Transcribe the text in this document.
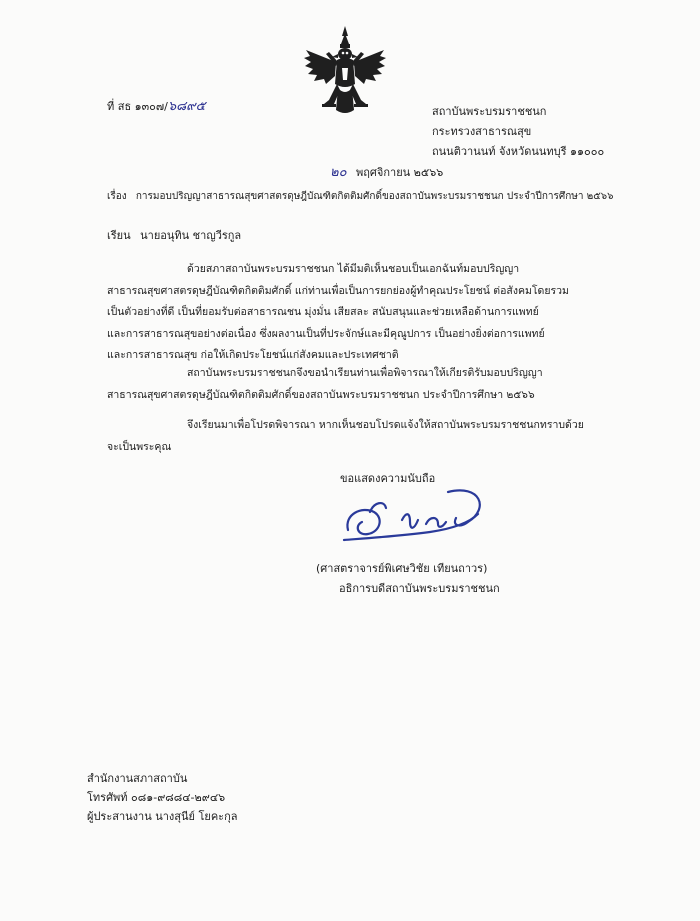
ที่ สธ ๑๓๐๗/๖๘๙๕	สถาบันพระบรมราชชนก
กระทรวงสาธารณสุข
ถนนติวานนท์ จังหวัดนนทบุรี ๑๑๐๐๐
๒๐ พฤศจิกายน ๒๕๖๖
เรื่อง การมอบปริญญาสาธารณสุขศาสตรดุษฎีบัณฑิตกิตติมศักดิ์ของสถาบันพระบรมราชชนก ประจำปีการศึกษา ๒๕๖๖
เรียน นายอนุทิน ชาญวีรกูล
ด้วยสภาสถาบันพระบรมราชชนก ได้มีมติเห็นชอบเป็นเอกฉันท์มอบปริญญา
สาธารณสุขศาสตรดุษฎีบัณฑิตกิตติมศักดิ์ แก่ท่านเพื่อเป็นการยกย่องผู้ทำคุณประโยชน์ ต่อสังคมโดยรวม
เป็นตัวอย่างที่ดี เป็นที่ยอมรับต่อสาธารณชน มุ่งมั่น เสียสละ สนับสนุนและช่วยเหลือด้านการแพทย์
และการสาธารณสุขอย่างต่อเนื่อง ซึ่งผลงานเป็นที่ประจักษ์และมีคุณูปการ เป็นอย่างยิ่งต่อการแพทย์
และการสาธารณสุข ก่อให้เกิดประโยชน์แก่สังคมและประเทศชาติ
สถาบันพระบรมราชชนกจึงขอนำเรียนท่านเพื่อพิจารณาให้เกียรติรับมอบปริญญา
สาธารณสุขศาสตรดุษฎีบัณฑิตกิตติมศักดิ์ของสถาบันพระบรมราชชนก ประจำปีการศึกษา ๒๕๖๖
จึงเรียนมาเพื่อโปรดพิจารณา หากเห็นชอบโปรดแจ้งให้สถาบันพระบรมราชชนกทราบด้วย
จะเป็นพระคุณ
ขอแสดงความนับถือ
(ศาสตราจารย์พิเศษวิชัย เทียนถาวร)
อธิการบดีสถาบันพระบรมราชชนก
สำนักงานสภาสถาบัน
โทรศัพท์ ๐๘๑-๙๘๘๔-๒๙๔๖
ผู้ประสานงาน นางสุนีย์ โยคะกุล
